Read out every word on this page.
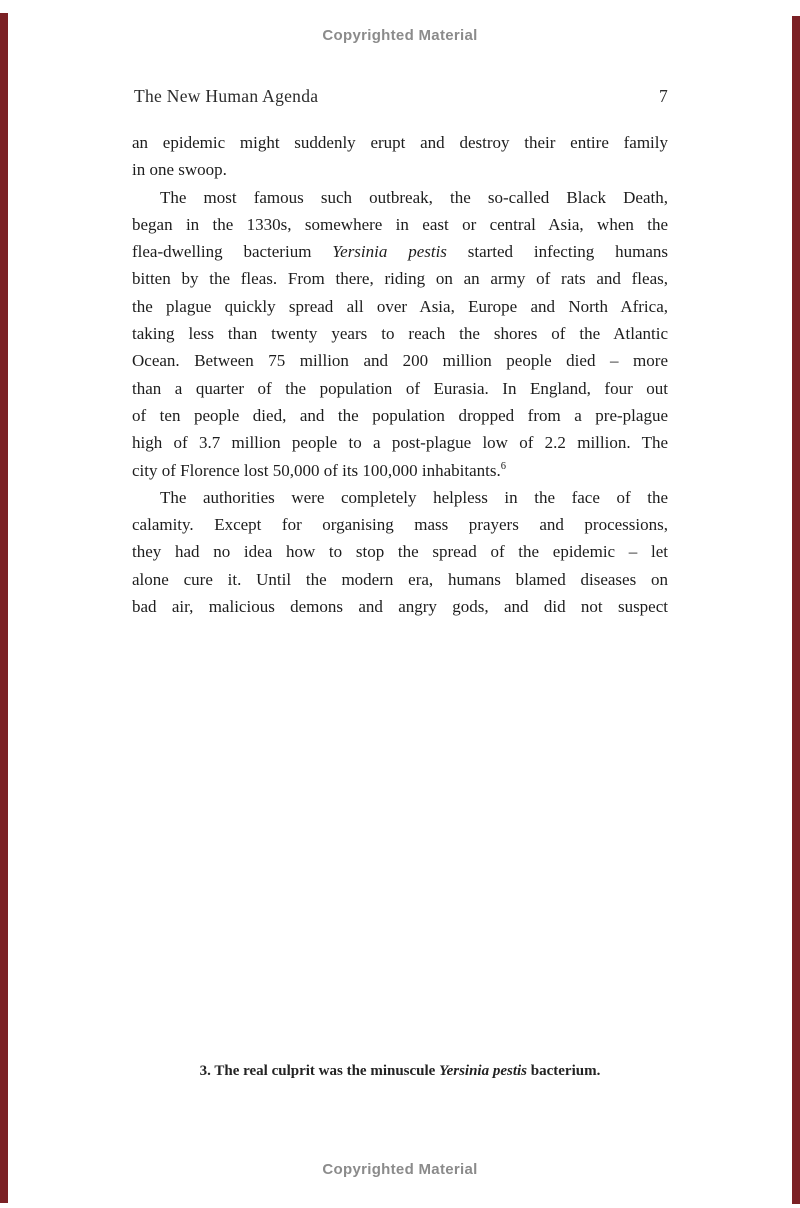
Copyrighted Material
The New Human Agenda	7
an epidemic might suddenly erupt and destroy their entire family
in one swoop.
The most famous such outbreak, the so-called Black Death,
began in the 1330s, somewhere in east or central Asia, when the
flea-dwelling bacterium Yersinia pestis started infecting humans
bitten by the fleas. From there, riding on an army of rats and fleas,
the plague quickly spread all over Asia, Europe and North Africa,
taking less than twenty years to reach the shores of the Atlantic
Ocean. Between 75 million and 200 million people died – more
than a quarter of the population of Eurasia. In England, four out
of ten people died, and the population dropped from a pre-plague
high of 3.7 million people to a post-plague low of 2.2 million. The
city of Florence lost 50,000 of its 100,000 inhabitants.$^6$
The authorities were completely helpless in the face of the
calamity. Except for organising mass prayers and processions,
they had no idea how to stop the spread of the epidemic – let
alone cure it. Until the modern era, humans blamed diseases on
bad air, malicious demons and angry gods, and did not suspect
3. The real culprit was the minuscule Yersinia pestis bacterium.
Copyrighted Material
